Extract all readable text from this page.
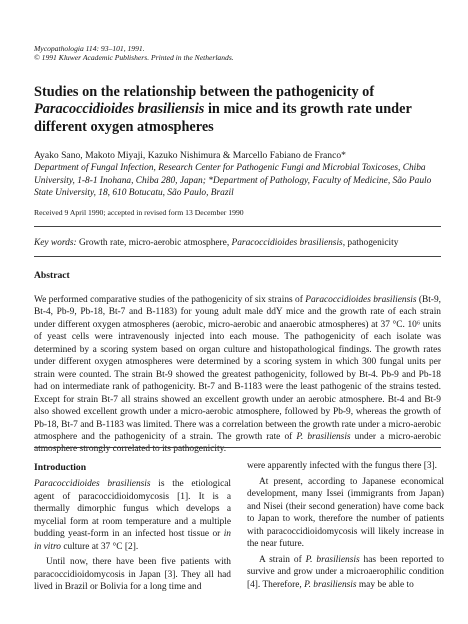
Mycopathologia 114: 93–101, 1991.
© 1991 Kluwer Academic Publishers. Printed in the Netherlands.
Studies on the relationship between the pathogenicity of
Paracoccidioides brasiliensis in mice and its growth rate under different oxygen atmospheres
Ayako Sano, Makoto Miyaji, Kazuko Nishimura & Marcello Fabiano de Franco*
Department of Fungal Infection, Research Center for Pathogenic Fungi and Microbial Toxicoses, Chiba University, 1-8-1 Inohana, Chiba 280, Japan; *Department of Pathology, Faculty of Medicine, São Paulo State University, 18, 610 Botucatu, São Paulo, Brazil
Received 9 April 1990; accepted in revised form 13 December 1990
Key words: Growth rate, micro-aerobic atmosphere, Paracoccidioides brasiliensis, pathogenicity
Abstract
We performed comparative studies of the pathogenicity of six strains of Paracoccidioides brasiliensis (Bt-9, Bt-4, Pb-9, Pb-18, Bt-7 and B-1183) for young adult male ddY mice and the growth rate of each strain under different oxygen atmospheres (aerobic, micro-aerobic and anaerobic atmospheres) at 37 °C. 10⁶ units of yeast cells were intravenously injected into each mouse. The pathogenicity of each isolate was determined by a scoring system based on organ culture and histopathological findings. The growth rates under different oxygen atmospheres were determined by a scoring system in which 300 fungal units per strain were counted. The strain Bt-9 showed the greatest pathogenicity, followed by Bt-4. Pb-9 and Pb-18 had on intermediate rank of pathogenicity. Bt-7 and B-1183 were the least pathogenic of the strains tested. Except for strain Bt-7 all strains showed an excellent growth under an aerobic atmosphere. Bt-4 and Bt-9 also showed excellent growth under a micro-aerobic atmosphere, followed by Pb-9, whereas the growth of Pb-18, Bt-7 and B-1183 was limited. There was a correlation between the growth rate under a micro-aerobic atmosphere and the pathogenicity of a strain. The growth rate of P. brasiliensis under a micro-aerobic atmosphere strongly correlated to its pathogenicity.
Introduction

Paracoccidioides brasiliensis is the etiological agent of paracoccidioidomycosis [1]. It is a thermally dimorphic fungus which develops a mycelial form at room temperature and a multiple budding yeast-form in an infected host tissue or in in vitro culture at 37 °C [2].

Until now, there have been five patients with paracoccidioidomycosis in Japan [3]. They all had lived in Brazil or Bolivia for a long time and

were apparently infected with the fungus there [3].

At present, according to Japanese economical development, many Issei (immigrants from Japan) and Nisei (their second generation) have come back to Japan to work, therefore the number of patients with paracoccidioidomycosis will likely increase in the near future.

A strain of P. brasiliensis has been reported to survive and grow under a microaerophilic condition [4]. Therefore, P. brasiliensis may be able to
